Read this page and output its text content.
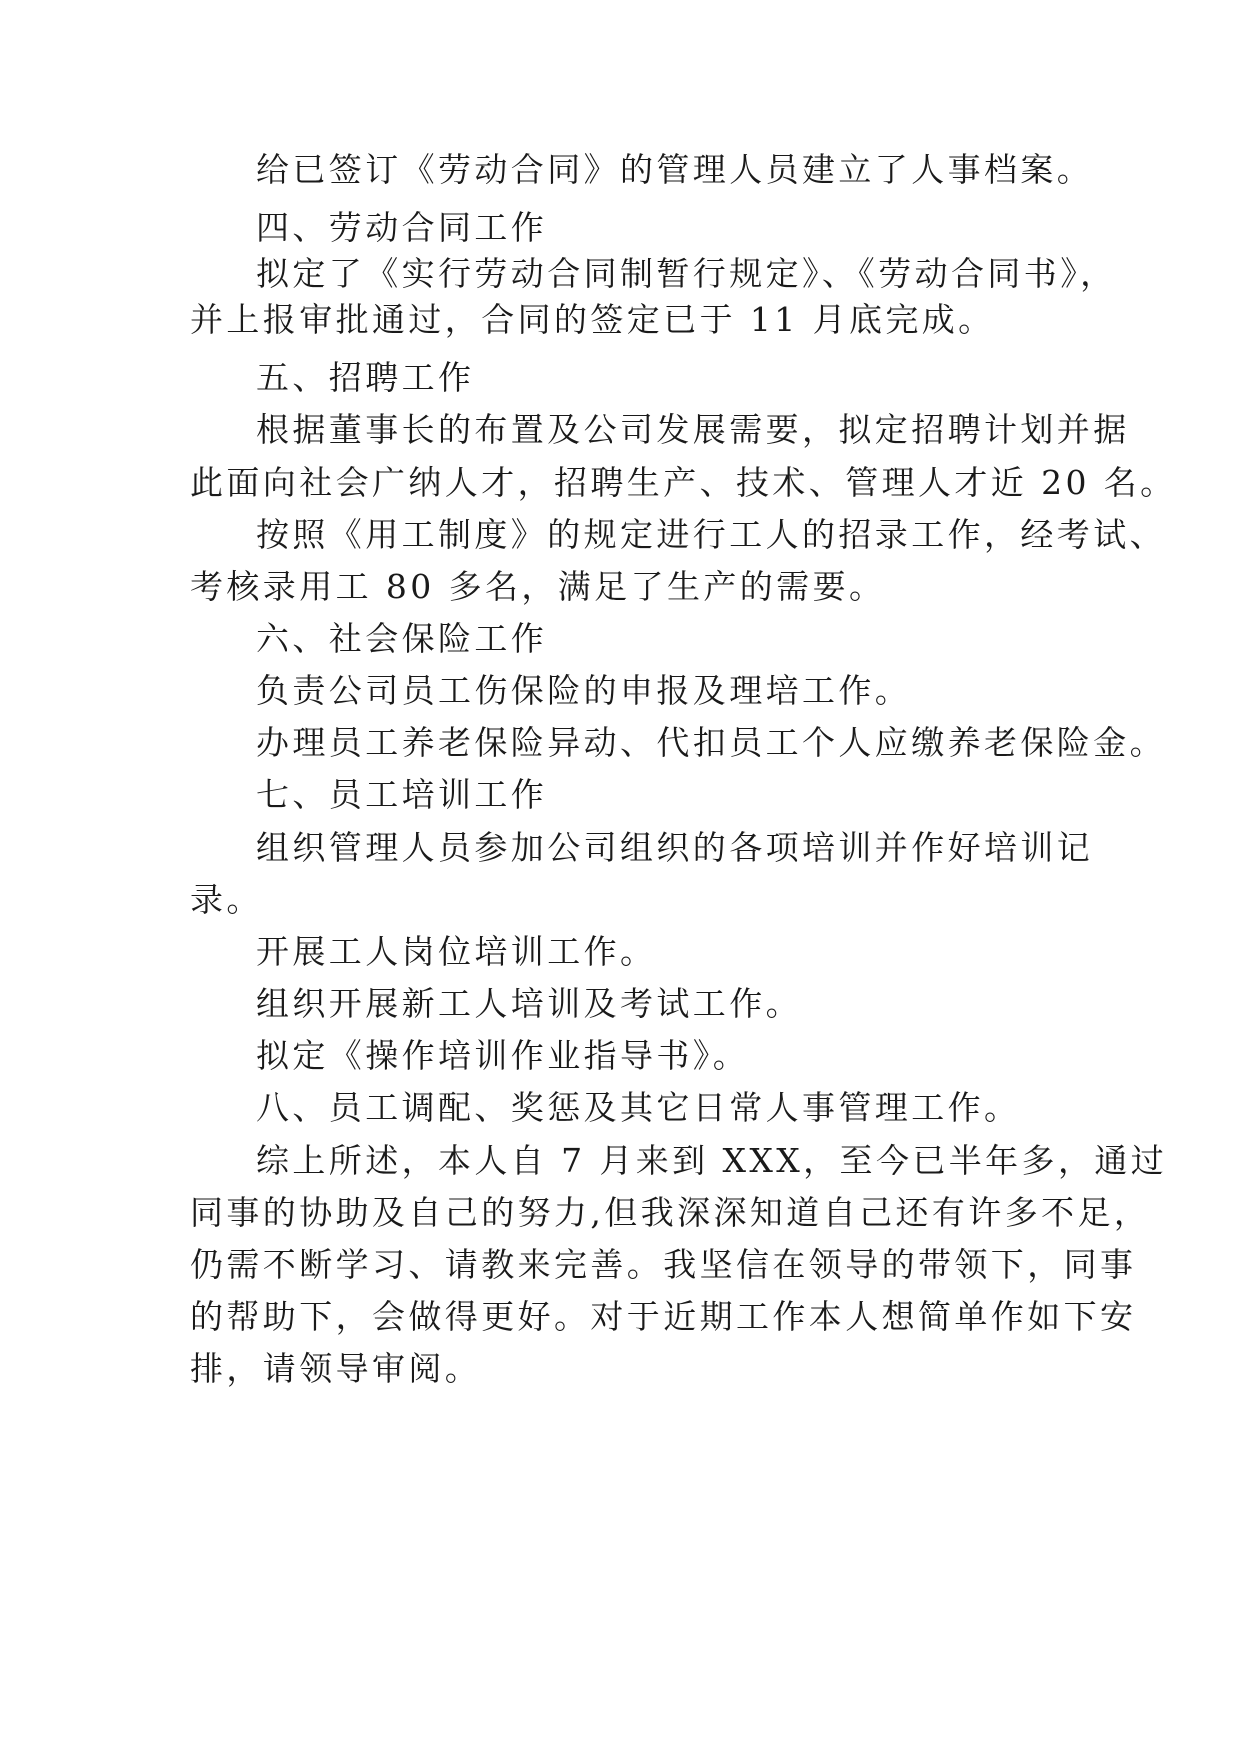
给已签订《劳动合同》的管理人员建立了人事档案。

四、劳动合同工作

拟定了《实行劳动合同制暂行规定》、《劳动合同书》，

并上报审批通过，合同的签定已于 11 月底完成。

五、招聘工作

根据董事长的布置及公司发展需要，拟定招聘计划并据

此面向社会广纳人才，招聘生产、技术、管理人才近 20 名。

按照《用工制度》的规定进行工人的招录工作，经考试、

考核录用工 80 多名，满足了生产的需要。

六、社会保险工作

负责公司员工伤保险的申报及理培工作。

办理员工养老保险异动、代扣员工个人应缴养老保险金。

七、员工培训工作

组织管理人员参加公司组织的各项培训并作好培训记

录。

开展工人岗位培训工作。

组织开展新工人培训及考试工作。

拟定《操作培训作业指导书》。

八、员工调配、奖惩及其它日常人事管理工作。

综上所述，本人自 7 月来到 XXX，至今已半年多，通过

同事的协助及自己的努力,但我深深知道自己还有许多不足，

仍需不断学习、请教来完善。我坚信在领导的带领下，同事

的帮助下，会做得更好。对于近期工作本人想简单作如下安

排，请领导审阅。
